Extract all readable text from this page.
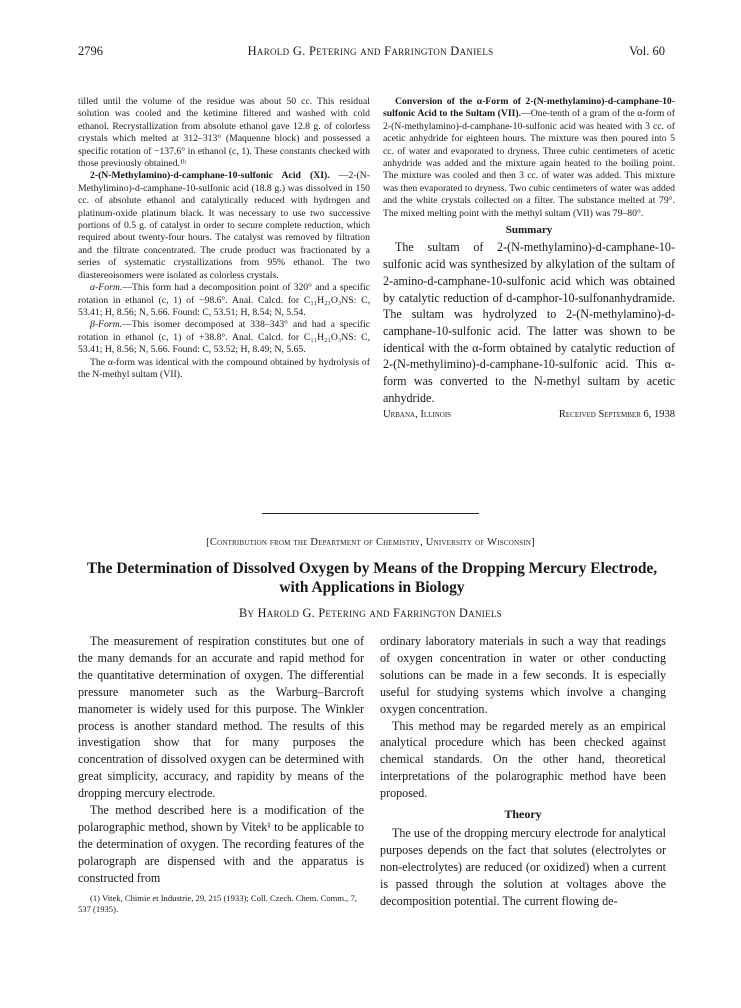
2796	Harold G. Petering and Farrington Daniels	Vol. 60

tilled until the volume of the residue was about 50 cc. This residual solution was cooled and the ketimine filtered and washed with cold ethanol. Recrystallization from absolute ethanol gave 12.8 g. of colorless crystals which melted at 312–313° (Maquenne block) and possessed a specific rotation of −137.6° in ethanol (c, 1). These constants checked with those previously obtained.¹ᵇ

2-(N-Methylamino)-d-camphane-10-sulfonic Acid (XI). —2-(N-Methylimino)-d-camphane-10-sulfonic acid (18.8 g.) was dissolved in 150 cc. of absolute ethanol and catalytically reduced with hydrogen and platinum-oxide platinum black. It was necessary to use two successive portions of 0.5 g. of catalyst in order to secure complete reduction, which required about twenty-four hours. The catalyst was removed by filtration and the filtrate concentrated. The crude product was fractionated by a series of systematic crystallizations from 95% ethanol. The two diastereoisomers were isolated as colorless crystals.

α-Form.—This form had a decomposition point of 320° and a specific rotation in ethanol (c, 1) of −98.6°. Anal. Calcd. for C₁₁H₂₁O₃NS: C, 53.41; H, 8.56; N, 5.66. Found: C, 53.51; H, 8.54; N, 5.54.

β-Form.—This isomer decomposed at 338–343° and had a specific rotation in ethanol (c, 1) of +38.8°. Anal. Calcd. for C₁₁H₂₁O₃NS: C, 53.41; H, 8.56; N, 5.66. Found: C, 53.52; H, 8.49; N, 5.65.

The α-form was identical with the compound obtained by hydrolysis of the N-methyl sultam (VII).

Conversion of the α-Form of 2-(N-methylamino)-d-camphane-10-sulfonic Acid to the Sultam (VII).—One-tenth of a gram of the α-form of 2-(N-methylamino)-d-camphane-10-sulfonic acid was heated with 3 cc. of acetic anhydride for eighteen hours. The mixture was then poured into 5 cc. of water and evaporated to dryness. Three cubic centimeters of acetic anhydride was added and the mixture again heated to the boiling point. The mixture was cooled and then 3 cc. of water was added. This mixture was then evaporated to dryness. Two cubic centimeters of water was added and the white crystals collected on a filter. The substance melted at 79°. The mixed melting point with the methyl sultam (VII) was 79–80°.

Summary

The sultam of 2-(N-methylamino)-d-camphane-10-sulfonic acid was synthesized by alkylation of the sultam of 2-amino-d-camphane-10-sulfonic acid which was obtained by catalytic reduction of d-camphor-10-sulfonanhydramide. The sultam was hydrolyzed to 2-(N-methylamino)-d-camphane-10-sulfonic acid. The latter was shown to be identical with the α-form obtained by catalytic reduction of 2-(N-methylimino)-d-camphane-10-sulfonic acid. This α-form was converted to the N-methyl sultam by acetic anhydride.

Urbana, Illinois	Received September 6, 1938
[Contribution from the Department of Chemistry, University of Wisconsin]
The Determination of Dissolved Oxygen by Means of the Dropping Mercury Electrode, with Applications in Biology
By Harold G. Petering and Farrington Daniels

The measurement of respiration constitutes but one of the many demands for an accurate and rapid method for the quantitative determination of oxygen. The differential pressure manometer such as the Warburg–Barcroft manometer is widely used for this purpose. The Winkler process is another standard method. The results of this investigation show that for many purposes the concentration of dissolved oxygen can be determined with great simplicity, accuracy, and rapidity by means of the dropping mercury electrode.

The method described here is a modification of the polarographic method, shown by Vitek¹ to be applicable to the determination of oxygen. The recording features of the polarograph are dispensed with and the apparatus is constructed from

(1) Vitek, Chimie et Industrie, 29, 215 (1933); Coll. Czech. Chem. Comm., 7, 537 (1935).

ordinary laboratory materials in such a way that readings of oxygen concentration in water or other conducting solutions can be made in a few seconds. It is especially useful for studying systems which involve a changing oxygen concentration.

This method may be regarded merely as an empirical analytical procedure which has been checked against chemical standards. On the other hand, theoretical interpretations of the polarographic method have been proposed.

Theory

The use of the dropping mercury electrode for analytical purposes depends on the fact that solutes (electrolytes or non-electrolytes) are reduced (or oxidized) when a current is passed through the solution at voltages above the decomposition potential. The current flowing de-
